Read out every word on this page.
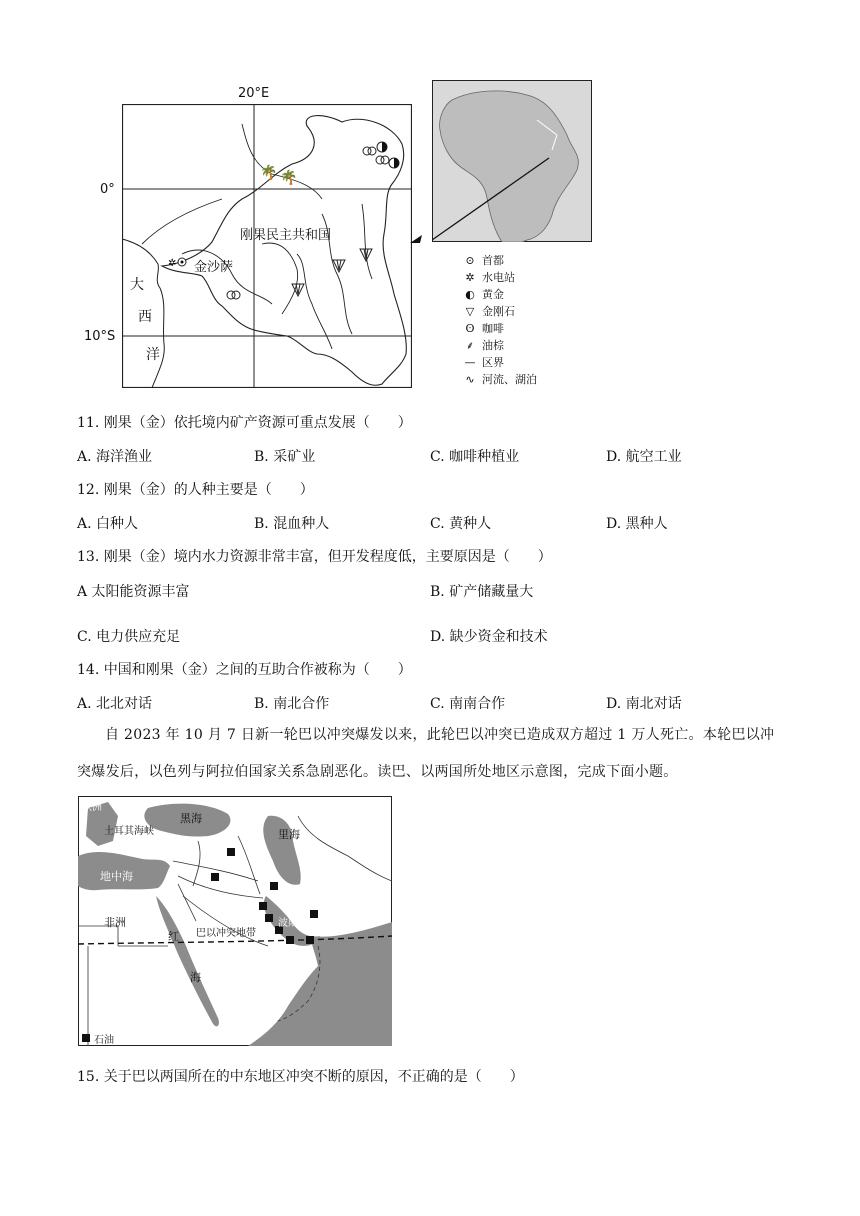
🌴 🌴
✲
20°E
0°
10°S
刚果民主共和国
金沙萨
大
西
洋
⊙ 首都
✲ 水电站
◐ 黄金
▽ 金刚石
ʘ 咖啡
⸙ 油棕
— 区界
∿ 河流、湖泊
11. 刚果（金）依托境内矿产资源可重点发展（　　）
A. 海洋渔业	B. 采矿业	C. 咖啡种植业	D. 航空工业
12. 刚果（金）的人种主要是（　　）
A. 白种人	B. 混血种人	C. 黄种人	D. 黑种人
13. 刚果（金）境内水力资源非常丰富，但开发程度低，主要原因是（　　）
A 太阳能资源丰富	B. 矿产储藏量大
C. 电力供应充足	D. 缺少资金和技术
14. 中国和刚果（金）之间的互助合作被称为（　　）
A. 北北对话	B. 南北合作	C. 南南合作	D. 南北对话
自 2023 年 10 月 7 日新一轮巴以冲突爆发以来，此轮巴以冲突已造成双方超过 1 万人死亡。本轮巴以冲突爆发后，以色列与阿拉伯国家关系急剧恶化。读巴、以两国所处地区示意图，完成下面小题。
欧洲
黑海
土耳其海峡	里海
地中海
非洲
巴以冲突地带
波斯湾
红
海
石油
15. 关于巴以两国所在的中东地区冲突不断的原因，不正确的是（　　）
